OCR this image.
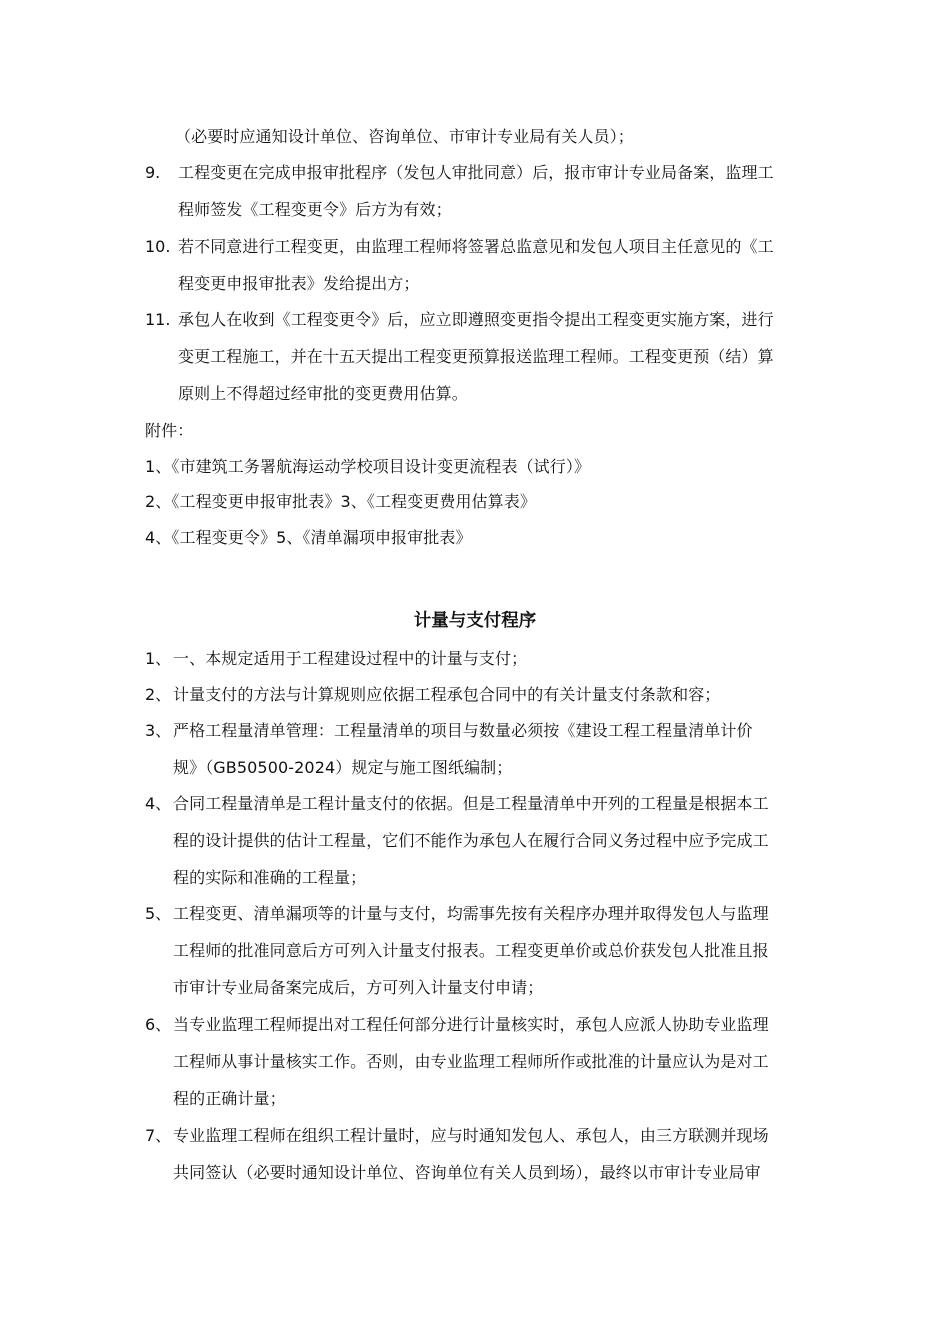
（必要时应通知设计单位、咨询单位、市审计专业局有关人员）；
9. 工程变更在完成申报审批程序（发包人审批同意）后，报市审计专业局备案，监理工
程师签发《工程变更令》后方为有效；
10. 若不同意进行工程变更，由监理工程师将签署总监意见和发包人项目主任意见的《工
程变更申报审批表》发给提出方；
11. 承包人在收到《工程变更令》后，应立即遵照变更指令提出工程变更实施方案，进行
变更工程施工，并在十五天提出工程变更预算报送监理工程师。工程变更预（结）算
原则上不得超过经审批的变更费用估算。
附件：
1、《市建筑工务署航海运动学校项目设计变更流程表（试行）》
2、《工程变更申报审批表》3、《工程变更费用估算表》
4、《工程变更令》5、《清单漏项申报审批表》
计量与支付程序
1、 一、本规定适用于工程建设过程中的计量与支付；
2、 计量支付的方法与计算规则应依据工程承包合同中的有关计量支付条款和容；
3、 严格工程量清单管理：工程量清单的项目与数量必须按《建设工程工程量清单计价
规》（GB50500-2024）规定与施工图纸编制；
4、 合同工程量清单是工程计量支付的依据。但是工程量清单中开列的工程量是根据本工
程的设计提供的估计工程量，它们不能作为承包人在履行合同义务过程中应予完成工
程的实际和准确的工程量；
5、 工程变更、清单漏项等的计量与支付，均需事先按有关程序办理并取得发包人与监理
工程师的批准同意后方可列入计量支付报表。工程变更单价或总价获发包人批准且报
市审计专业局备案完成后，方可列入计量支付申请；
6、 当专业监理工程师提出对工程任何部分进行计量核实时，承包人应派人协助专业监理
工程师从事计量核实工作。否则，由专业监理工程师所作或批准的计量应认为是对工
程的正确计量；
7、 专业监理工程师在组织工程计量时，应与时通知发包人、承包人，由三方联测并现场
共同签认（必要时通知设计单位、咨询单位有关人员到场），最终以市审计专业局审
